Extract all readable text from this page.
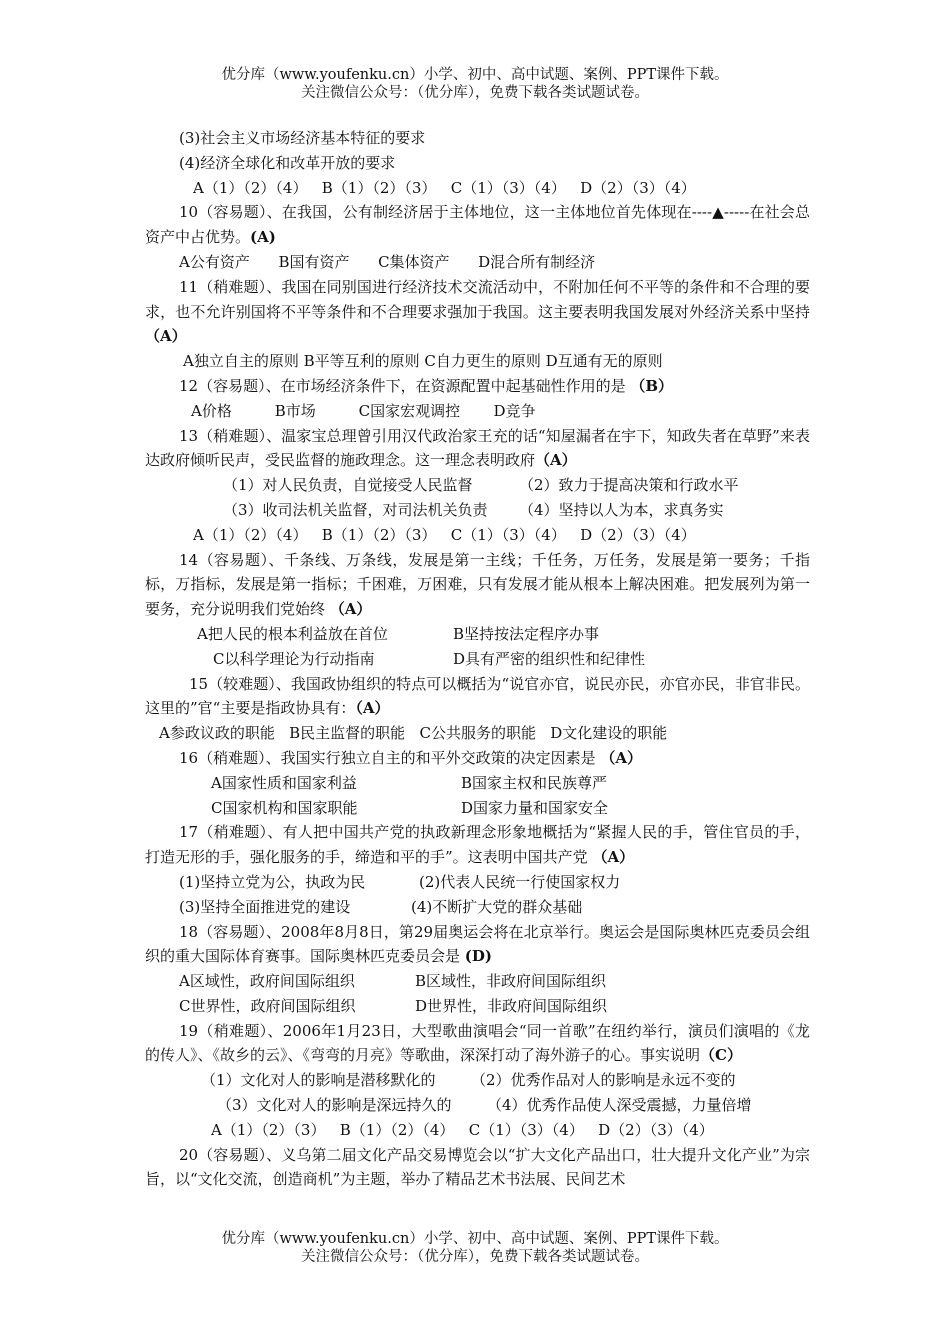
优分库（www.youfenku.cn）小学、初中、高中试题、案例、PPT课件下载。
关注微信公众号：（优分库），免费下载各类试题试卷。

(3)社会主义市场经济基本特征的要求

(4)经济全球化和改革开放的要求

A（1）（2）（4）   B（1）（2）（3）   C（1）（3）（4）   D（2）（3）（4）

10（容易题）、在我国，公有制经济居于主体地位，这一主体地位首先体现在----▲-----在社会总资产中占优势。(A)

A公有资产      B国有资产      C集体资产      D混合所有制经济

11（稍难题）、我国在同别国进行经济技术交流活动中，不附加任何不平等的条件和不合理的要求，也不允许别国将不平等条件和不合理要求强加于我国。这主要表明我国发展对外经济关系中坚持 （A）

A独立自主的原则 B平等互利的原则 C自力更生的原则 D互通有无的原则

12（容易题）、在市场经济条件下，在资源配置中起基础性作用的是 （B）

A价格         B市场         C国家宏观调控       D竞争

13（稍难题）、温家宝总理曾引用汉代政治家王充的话“知屋漏者在宇下，知政失者在草野”来表达政府倾听民声，受民监督的施政理念。这一理念表明政府（A）

（1）对人民负责，自觉接受人民监督	（2）致力于提高决策和行政水平

（3）收司法机关监督，对司法机关负责 （4）坚持以人为本，求真务实

A（1）（2）（4）   B（1）（2）（3）   C（1）（3）（4）   D（2）（3）（4）

14（容易题）、千条线、万条线，发展是第一主线；千任务，万任务，发展是第一要务；千指标，万指标，发展是第一指标；千困难，万困难，只有发展才能从根本上解决困难。把发展列为第一要务，充分说明我们党始终 （A）

A把人民的根本利益放在首位	B坚持按法定程序办事

C以科学理论为行动指南	D具有严密的组织性和纪律性

15（较难题）、我国政协组织的特点可以概括为“说官亦官，说民亦民，亦官亦民，非官非民。这里的”官“主要是指政协具有：（A）

A参政议政的职能   B民主监督的职能   C公共服务的职能   D文化建设的职能

16（稍难题）、我国实行独立自主的和平外交政策的决定因素是 （A）

A国家性质和国家利益	B国家主权和民族尊严

C国家机构和国家职能	D国家力量和国家安全

17（稍难题）、有人把中国共产党的执政新理念形象地概括为“紧握人民的手，管住官员的手，打造无形的手，强化服务的手，缔造和平的手”。这表明中国共产党 （A）

(1)坚持立党为公，执政为民	(2)代表人民统一行使国家权力

(3)坚持全面推进党的建设	(4)不断扩大党的群众基础

18（容易题）、2008年8月8日，第29届奥运会将在北京举行。奥运会是国际奥林匹克委员会组织的重大国际体育赛事。国际奥林匹克委员会是 (D)

A区域性，政府间国际组织	B区域性，非政府间国际组织

C世界性，政府间国际组织	D世界性，非政府间国际组织

19（稍难题）、2006年1月23日，大型歌曲演唱会“同一首歌”在纽约举行，演员们演唱的《龙的传人》、《故乡的云》、《弯弯的月亮》等歌曲，深深打动了海外游子的心。事实说明（C）

（1）文化对人的影响是潜移默化的 （2）优秀作品对人的影响是永远不变的

（3）文化对人的影响是深远持久的 （4）优秀作品使人深受震撼，力量倍增

A（1）（2）（3）   B（1）（2）（4）   C（1）（3）（4）   D（2）（3）（4）

20（容易题）、义乌第二届文化产品交易博览会以“扩大文化产品出口，壮大提升文化产业”为宗旨，以“文化交流，创造商机”为主题，举办了精品艺术书法展、民间艺术

优分库（www.youfenku.cn）小学、初中、高中试题、案例、PPT课件下载。
关注微信公众号：（优分库），免费下载各类试题试卷。
